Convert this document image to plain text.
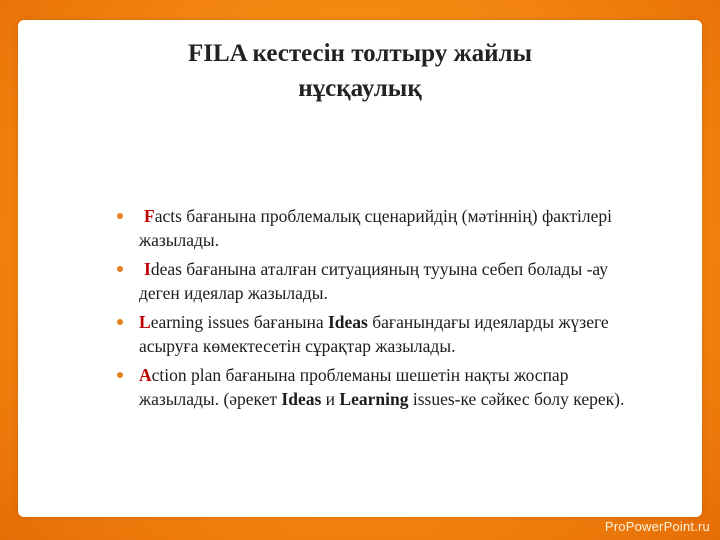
FILA кестесін толтыру жайлы
нұсқаулық
Facts бағанына проблемалық сценарийдің (мәтіннің) фактілері жазылады.
Ideas бағанына аталған ситуацияның тууына себеп болады -ау деген идеялар жазылады.
Learning issues бағанына Ideas бағанындағы идеяларды жүзеге асыруға көмектесетін сұрақтар жазылады.
Action plan бағанына проблеманы шешетін нақты жоспар жазылады. (әрекет Ideas и Learning issues-ке сәйкес болу керек).
ProPowerPoint.ru
